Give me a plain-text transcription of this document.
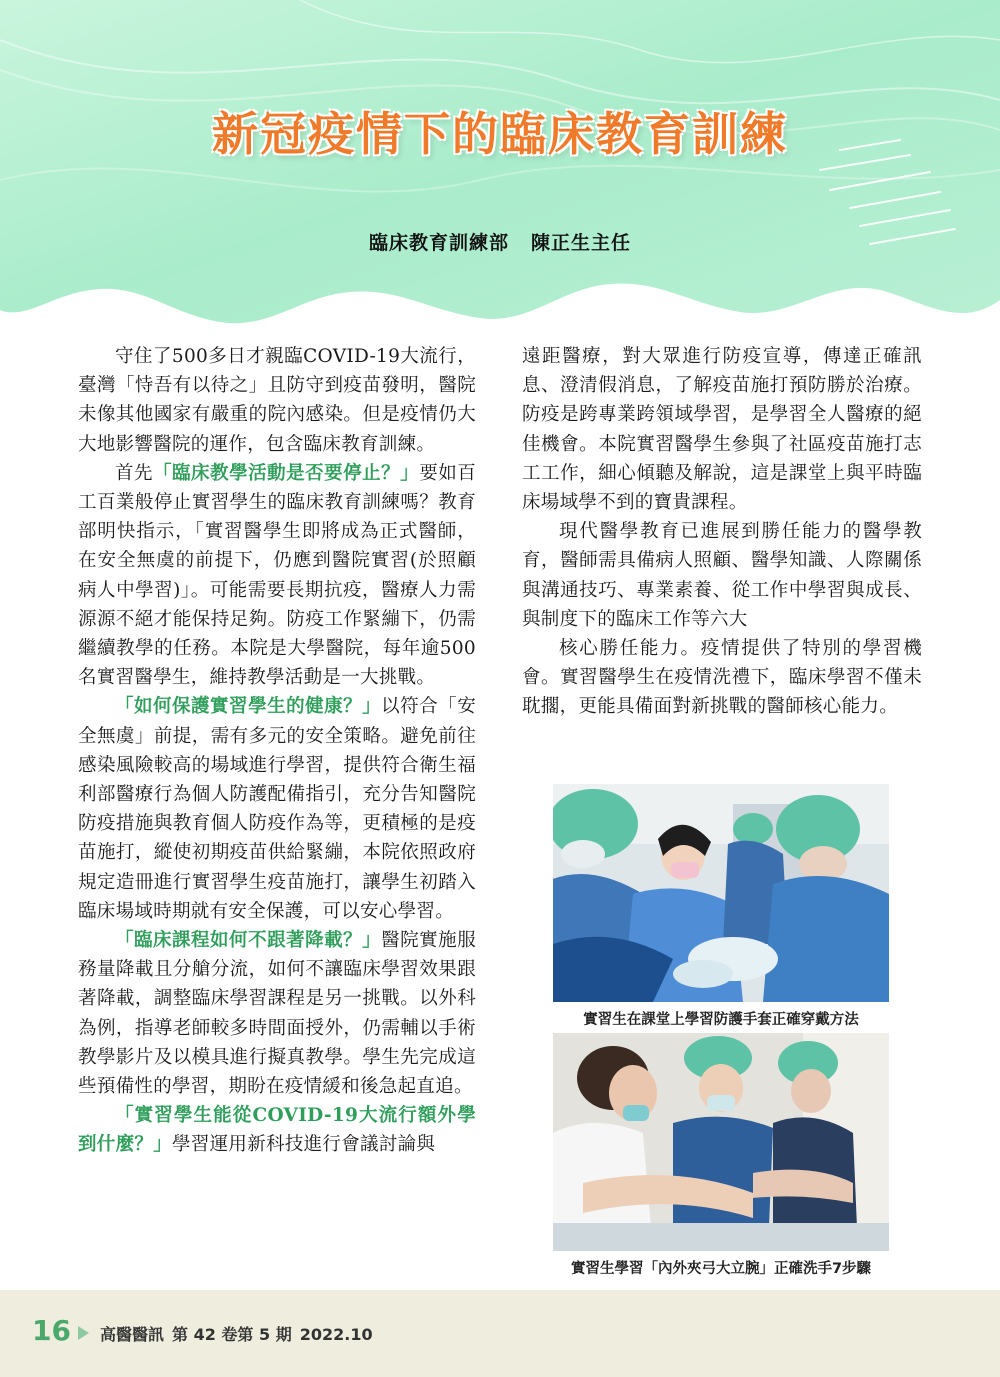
新冠疫情下的臨床教育訓練
臨床教育訓練部 陳正生主任

守住了500多日才親臨COVID-19大流行，臺灣「恃吾有以待之」且防守到疫苗發明，醫院未像其他國家有嚴重的院內感染。但是疫情仍大大地影響醫院的運作，包含臨床教育訓練。

首先「臨床教學活動是否要停止？」要如百工百業般停止實習學生的臨床教育訓練嗎？教育部明快指示，「實習醫學生即將成為正式醫師，在安全無虞的前提下，仍應到醫院實習(於照顧病人中學習)」。可能需要長期抗疫，醫療人力需源源不絕才能保持足夠。防疫工作緊繃下，仍需繼續教學的任務。本院是大學醫院，每年逾500名實習醫學生，維持教學活動是一大挑戰。

「如何保護實習學生的健康？」以符合「安全無虞」前提，需有多元的安全策略。避免前往感染風險較高的場域進行學習，提供符合衛生福利部醫療行為個人防護配備指引，充分告知醫院防疫措施與教育個人防疫作為等，更積極的是疫苗施打，縱使初期疫苗供給緊繃，本院依照政府規定造冊進行實習學生疫苗施打，讓學生初踏入臨床場域時期就有安全保護，可以安心學習。

「臨床課程如何不跟著降載？」醫院實施服務量降載且分艙分流，如何不讓臨床學習效果跟著降載，調整臨床學習課程是另一挑戰。以外科為例，指導老師較多時間面授外，仍需輔以手術教學影片及以模具進行擬真教學。學生先完成這些預備性的學習，期盼在疫情緩和後急起直追。

「實習學生能從COVID-19大流行額外學到什麼？」學習運用新科技進行會議討論與

遠距醫療，對大眾進行防疫宣導，傳達正確訊息、澄清假消息，了解疫苗施打預防勝於治療。防疫是跨專業跨領域學習，是學習全人醫療的絕佳機會。本院實習醫學生參與了社區疫苗施打志工工作，細心傾聽及解說，這是課堂上與平時臨床場域學不到的寶貴課程。

現代醫學教育已進展到勝任能力的醫學教育，醫師需具備病人照顧、醫學知識、人際關係與溝通技巧、專業素養、從工作中學習與成長、與制度下的臨床工作等六大

核心勝任能力。疫情提供了特別的學習機會。實習醫學生在疫情洗禮下，臨床學習不僅未耽擱，更能具備面對新挑戰的醫師核心能力。

實習生在課堂上學習防護手套正確穿戴方法
實習生學習「內外夾弓大立腕」正確洗手7步驟
16 高醫醫訊 第 42 卷第 5 期 2022.10
